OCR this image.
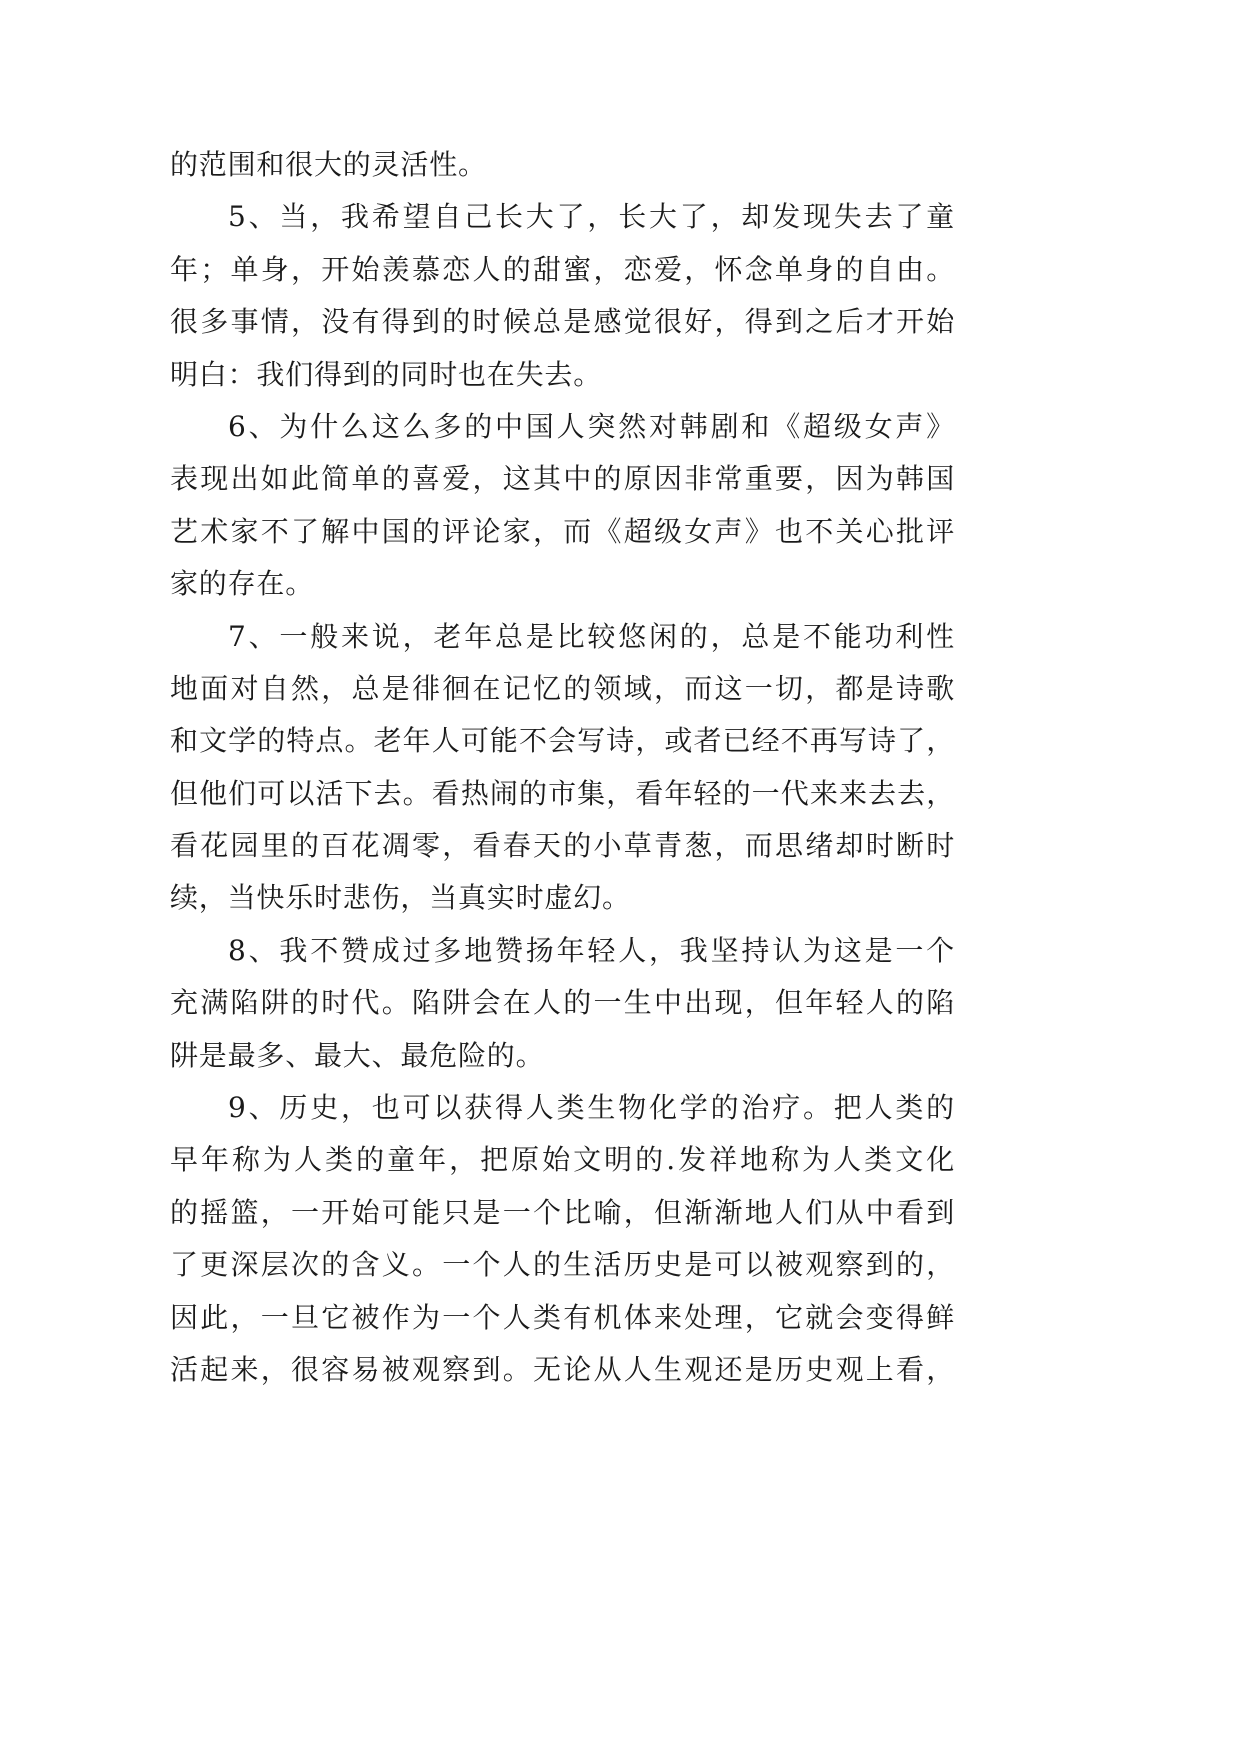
的范围和很大的灵活性。
5、当，我希望自己长大了，长大了，却发现失去了童
年；单身，开始羡慕恋人的甜蜜，恋爱，怀念单身的自由。
很多事情，没有得到的时候总是感觉很好，得到之后才开始
明白：我们得到的同时也在失去。
6、为什么这么多的中国人突然对韩剧和《超级女声》
表现出如此简单的喜爱，这其中的原因非常重要，因为韩国
艺术家不了解中国的评论家，而《超级女声》也不关心批评
家的存在。
7、一般来说，老年总是比较悠闲的，总是不能功利性
地面对自然，总是徘徊在记忆的领域，而这一切，都是诗歌
和文学的特点。老年人可能不会写诗，或者已经不再写诗了，
但他们可以活下去。看热闹的市集，看年轻的一代来来去去，
看花园里的百花凋零，看春天的小草青葱，而思绪却时断时
续，当快乐时悲伤，当真实时虚幻。
8、我不赞成过多地赞扬年轻人，我坚持认为这是一个
充满陷阱的时代。陷阱会在人的一生中出现，但年轻人的陷
阱是最多、最大、最危险的。
9、历史，也可以获得人类生物化学的治疗。把人类的
早年称为人类的童年，把原始文明的.发祥地称为人类文化
的摇篮，一开始可能只是一个比喻，但渐渐地人们从中看到
了更深层次的含义。一个人的生活历史是可以被观察到的，
因此，一旦它被作为一个人类有机体来处理，它就会变得鲜
活起来，很容易被观察到。无论从人生观还是历史观上看，
